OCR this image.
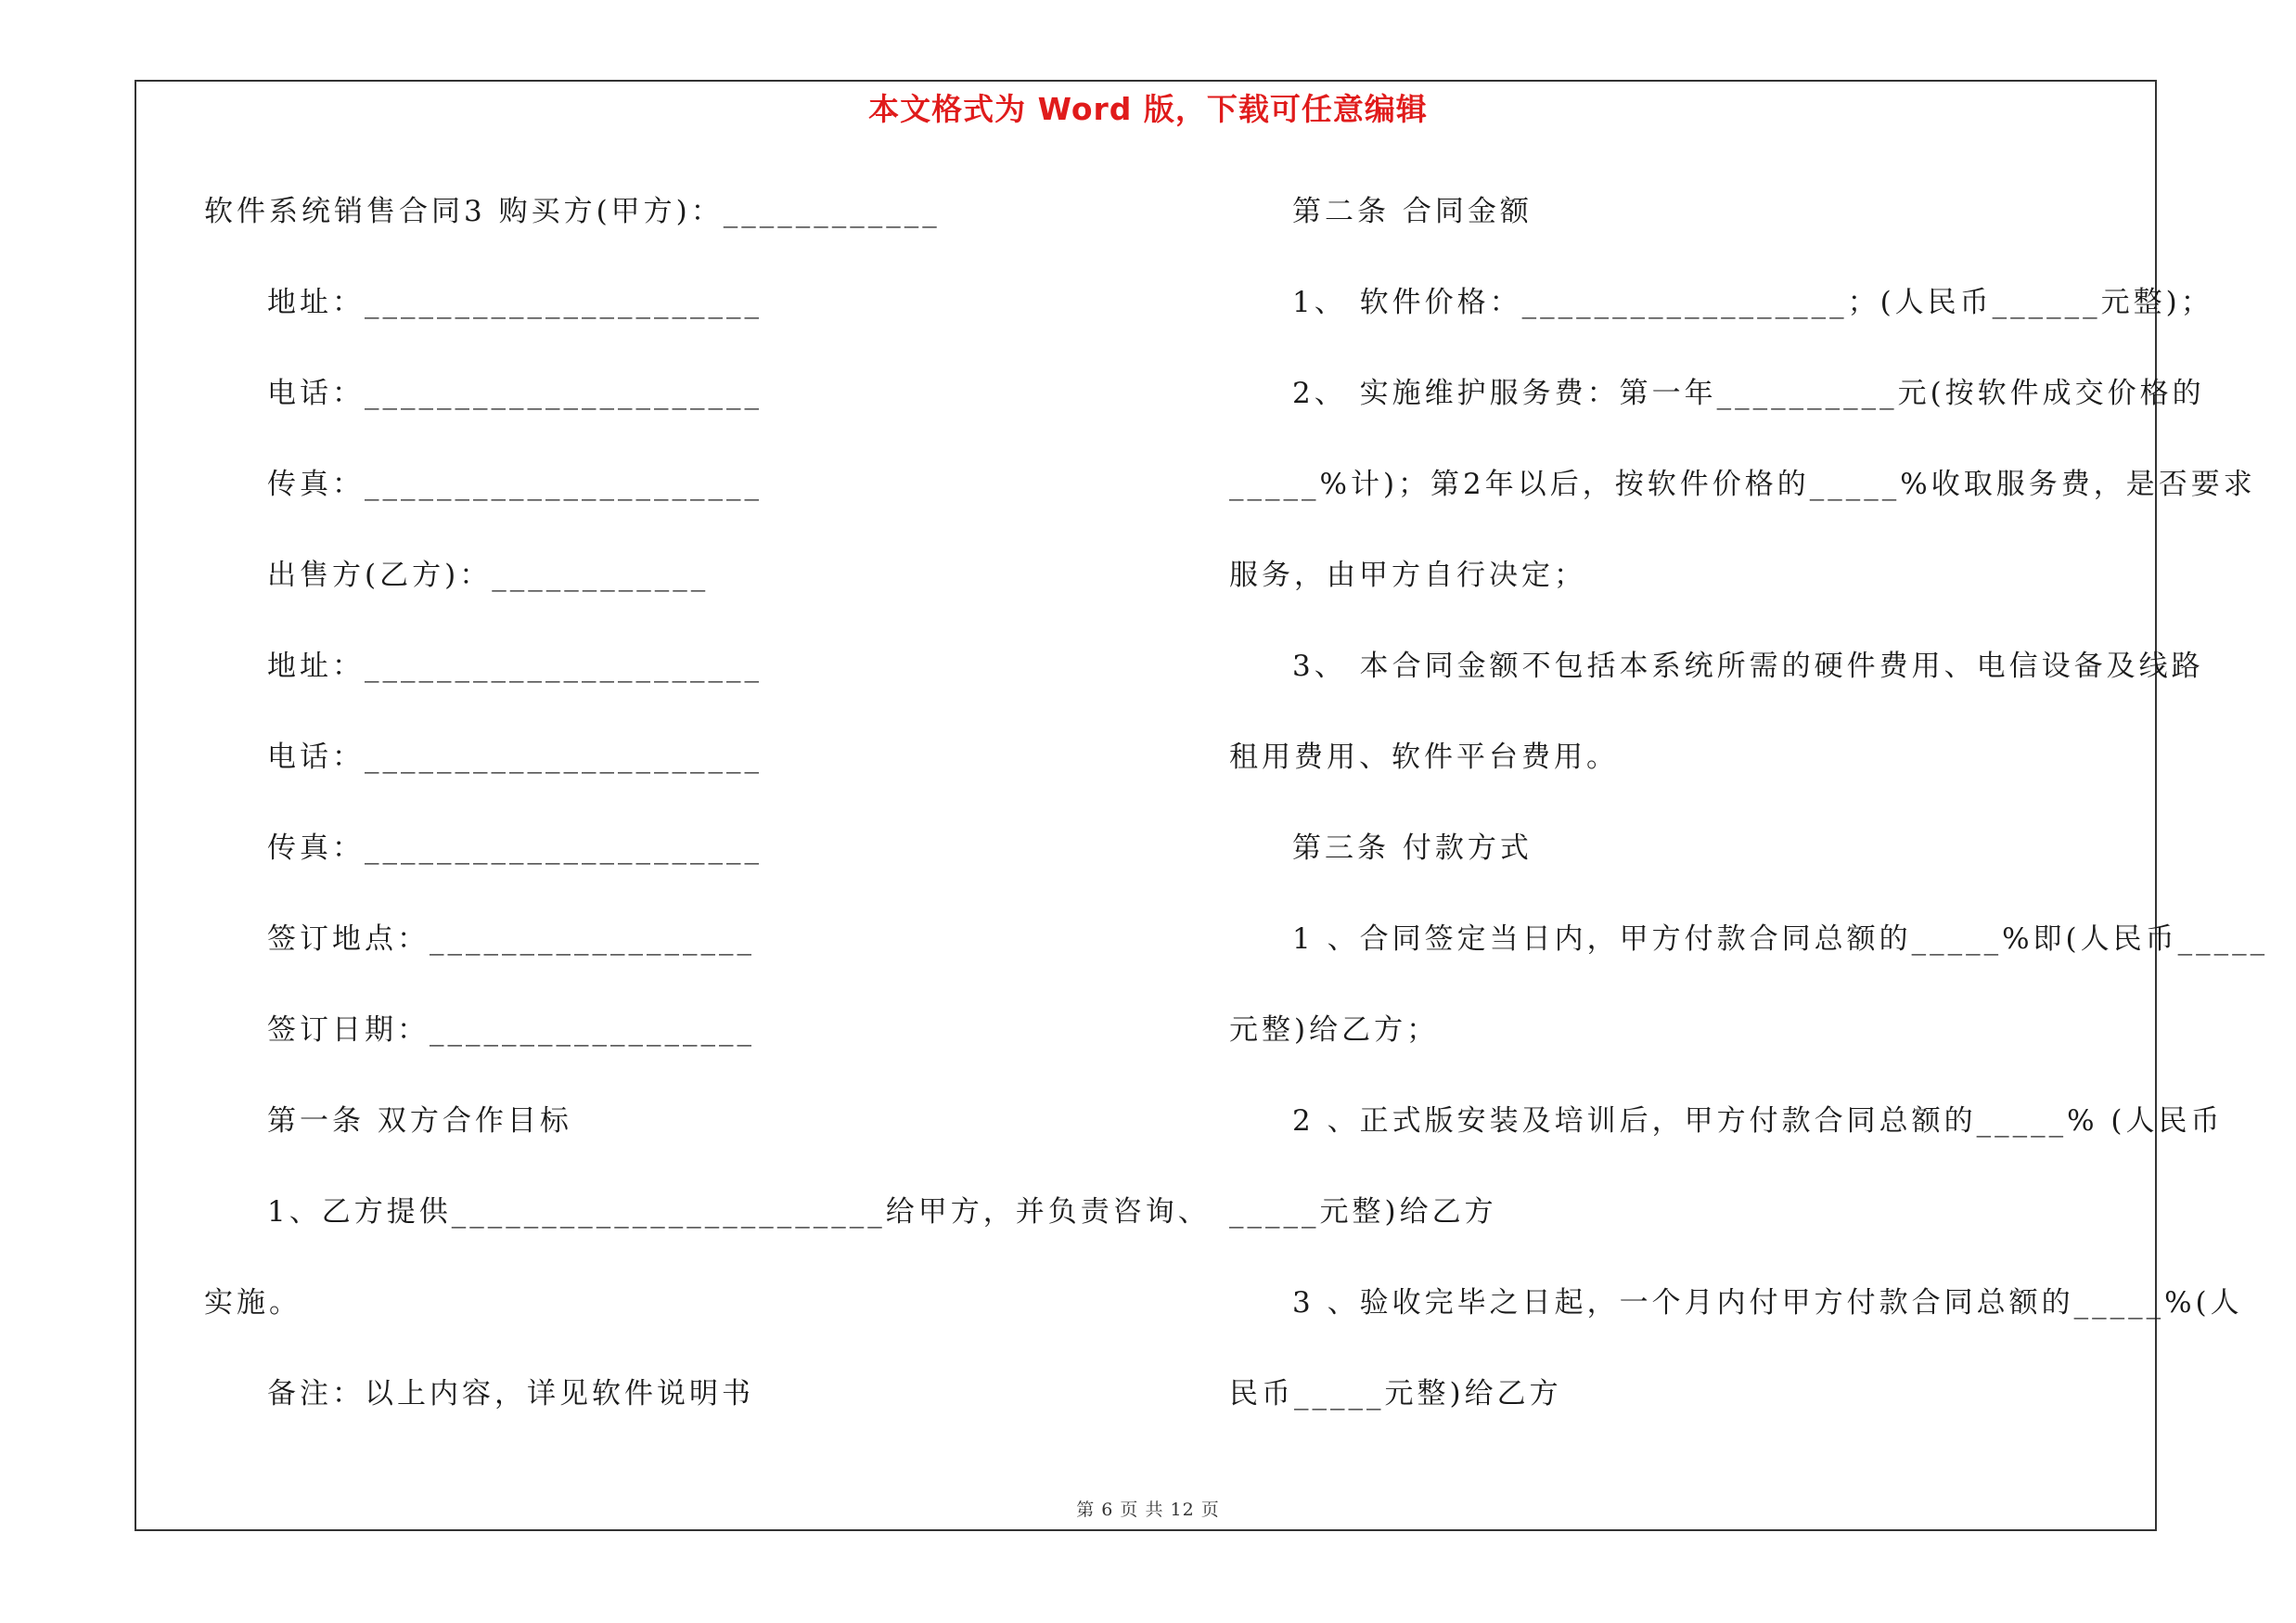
本文格式为 Word 版，下载可任意编辑
软件系统销售合同3 购买方(甲方)：____________
地址：______________________
电话：______________________
传真：______________________
出售方(乙方)：____________
地址：______________________
电话：______________________
传真：______________________
签订地点：__________________
签订日期：__________________
第一条 双方合作目标
1、乙方提供________________________给甲方，并负责咨询、
实施。
备注：以上内容，详见软件说明书
第二条 合同金额
1、 软件价格：__________________；(人民币______元整)；
2、 实施维护服务费：第一年__________元(按软件成交价格的
_____%计)；第2年以后，按软件价格的_____%收取服务费，是否要求
服务，由甲方自行决定；
3、 本合同金额不包括本系统所需的硬件费用、电信设备及线路
租用费用、软件平台费用。
第三条 付款方式
1 、合同签定当日内，甲方付款合同总额的_____%即(人民币_____
元整)给乙方；
2 、正式版安装及培训后，甲方付款合同总额的_____% (人民币
_____元整)给乙方
3 、验收完毕之日起，一个月内付甲方付款合同总额的_____%(人
民币_____元整)给乙方
第 6 页 共 12 页
